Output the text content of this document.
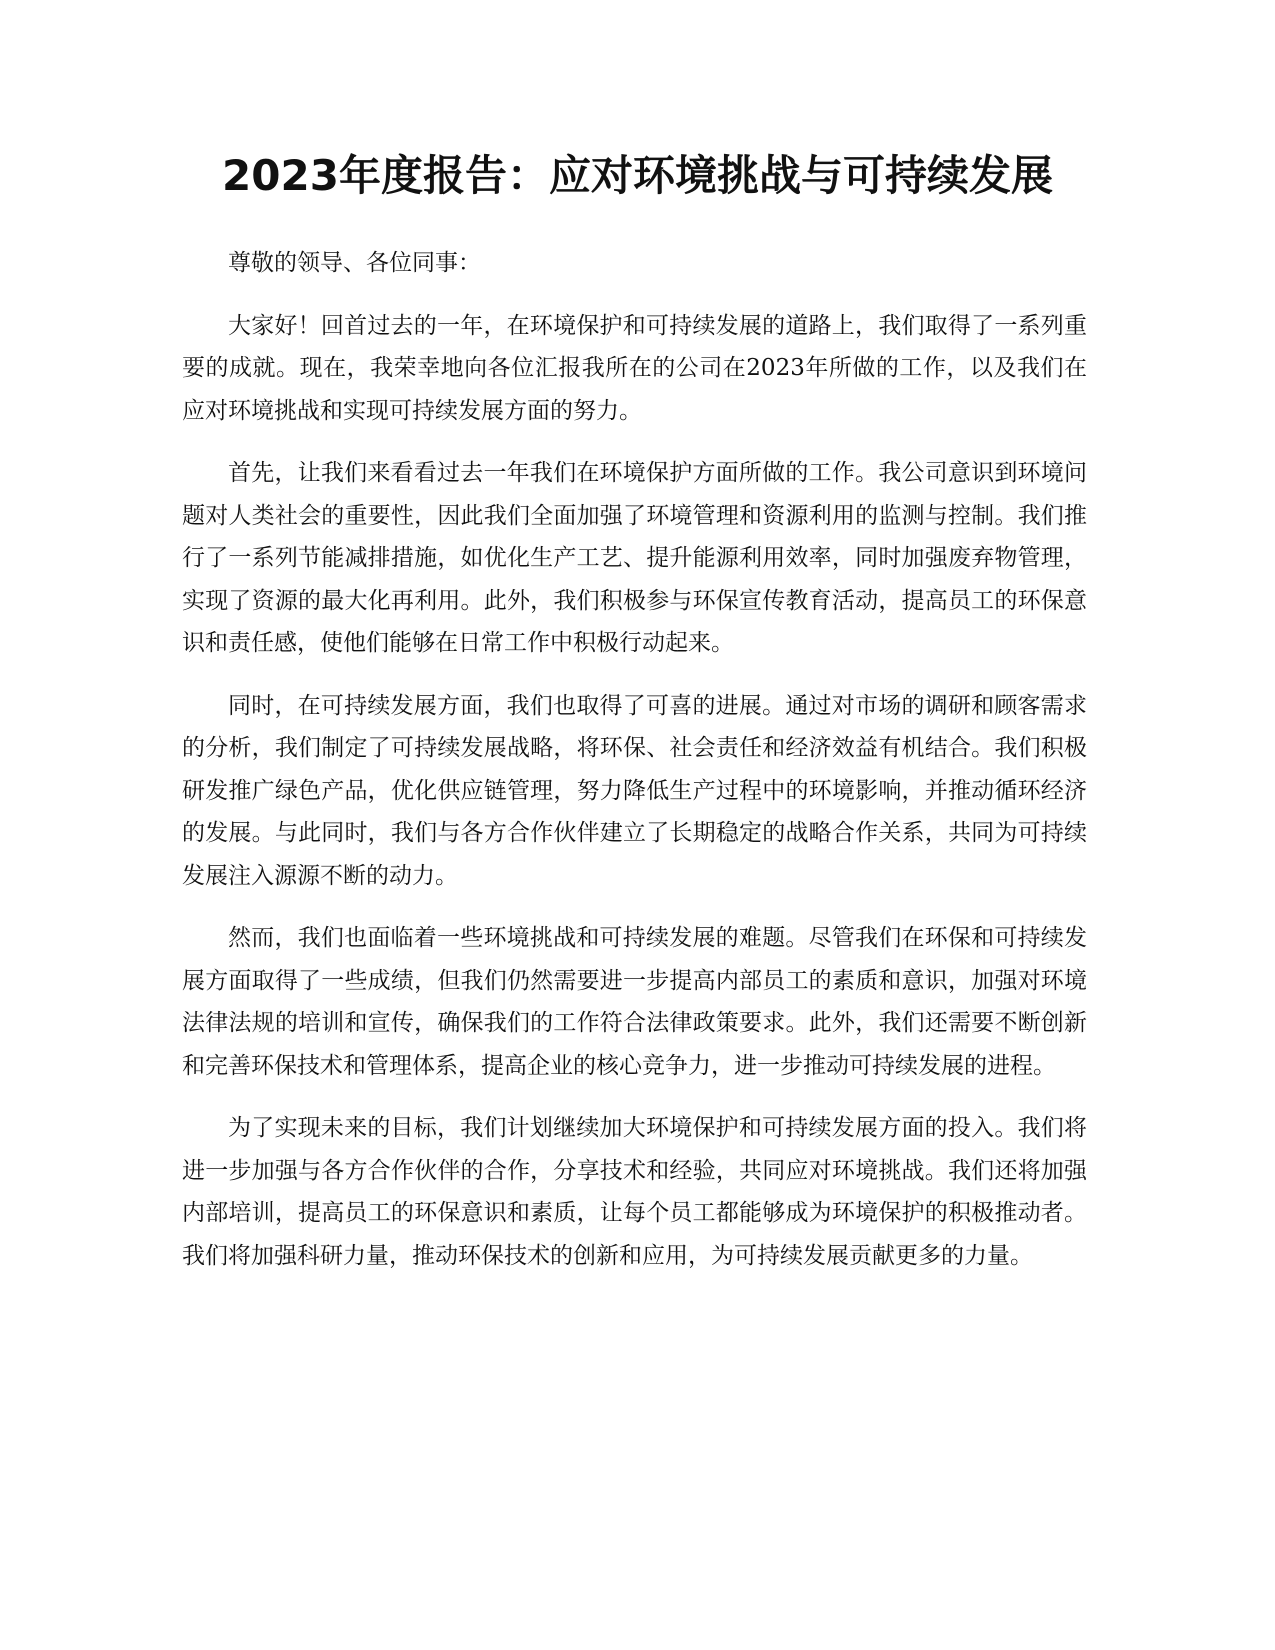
2023年度报告：应对环境挑战与可持续发展

尊敬的领导、各位同事：

大家好！回首过去的一年，在环境保护和可持续发展的道路上，我们取得了一系列重要的成就。现在，我荣幸地向各位汇报我所在的公司在2023年所做的工作，以及我们在应对环境挑战和实现可持续发展方面的努力。

首先，让我们来看看过去一年我们在环境保护方面所做的工作。我公司意识到环境问题对人类社会的重要性，因此我们全面加强了环境管理和资源利用的监测与控制。我们推行了一系列节能减排措施，如优化生产工艺、提升能源利用效率，同时加强废弃物管理，实现了资源的最大化再利用。此外，我们积极参与环保宣传教育活动，提高员工的环保意识和责任感，使他们能够在日常工作中积极行动起来。

同时，在可持续发展方面，我们也取得了可喜的进展。通过对市场的调研和顾客需求的分析，我们制定了可持续发展战略，将环保、社会责任和经济效益有机结合。我们积极研发推广绿色产品，优化供应链管理，努力降低生产过程中的环境影响，并推动循环经济的发展。与此同时，我们与各方合作伙伴建立了长期稳定的战略合作关系，共同为可持续发展注入源源不断的动力。

然而，我们也面临着一些环境挑战和可持续发展的难题。尽管我们在环保和可持续发展方面取得了一些成绩，但我们仍然需要进一步提高内部员工的素质和意识，加强对环境法律法规的培训和宣传，确保我们的工作符合法律政策要求。此外，我们还需要不断创新和完善环保技术和管理体系，提高企业的核心竞争力，进一步推动可持续发展的进程。

为了实现未来的目标，我们计划继续加大环境保护和可持续发展方面的投入。我们将进一步加强与各方合作伙伴的合作，分享技术和经验，共同应对环境挑战。我们还将加强内部培训，提高员工的环保意识和素质，让每个员工都能够成为环境保护的积极推动者。我们将加强科研力量，推动环保技术的创新和应用，为可持续发展贡献更多的力量。
